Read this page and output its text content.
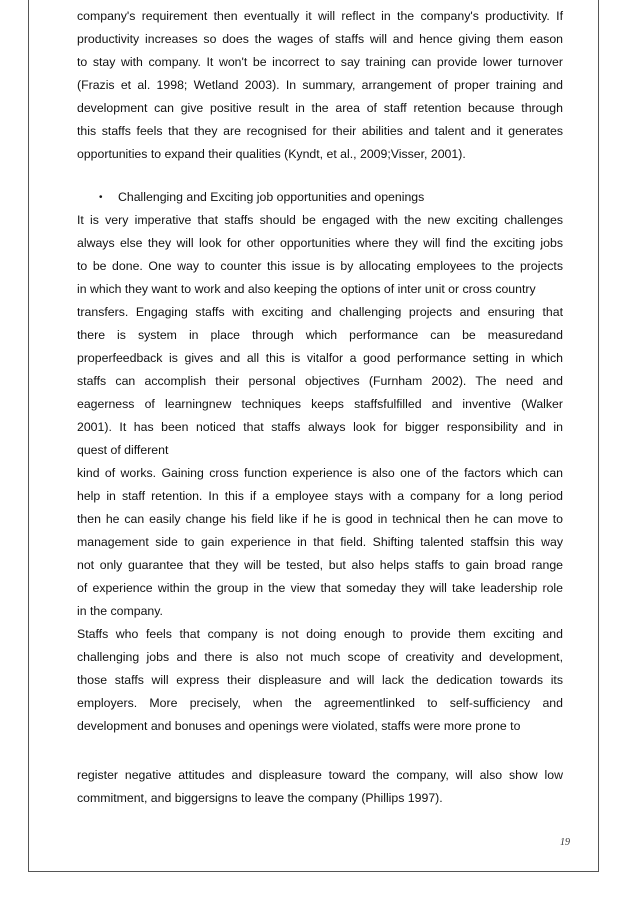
company's requirement then eventually it will reflect in the company's productivity. If
productivity increases so does the wages of staffs will and hence giving them eason
to stay with company. It won't be incorrect to say training can provide lower turnover
(Frazis et al. 1998; Wetland 2003). In summary, arrangement of proper training and
development can give positive result in the area of staff retention because through
this staffs feels that they are recognised for their abilities and talent and it generates
opportunities to expand their qualities (Kyndt, et al., 2009;Visser, 2001).
• Challenging and Exciting job opportunities and openings
It is very imperative that staffs should be engaged with the new exciting challenges
always else they will look for other opportunities where they will find the exciting jobs
to be done. One way to counter this issue is by allocating employees to the projects
in which they want to work and also keeping the options of inter unit or cross country
transfers. Engaging staffs with exciting and challenging projects and ensuring that
there is system in place through which performance can be measuredand
properfeedback is gives and all this is vitalfor a good performance setting in which
staffs can accomplish their personal objectives (Furnham 2002). The need and
eagerness of learningnew techniques keeps staffsfulfilled and inventive (Walker
2001). It has been noticed that staffs always look for bigger responsibility and in
quest of different
kind of works. Gaining cross function experience is also one of the factors which can
help in staff retention. In this if a employee stays with a company for a long period
then he can easily change his field like if he is good in technical then he can move to
management side to gain experience in that field. Shifting talented staffsin this way
not only guarantee that they will be tested, but also helps staffs to gain broad range
of experience within the group in the view that someday they will take leadership role
in the company.
Staffs who feels that company is not doing enough to provide them exciting and
challenging jobs and there is also not much scope of creativity and development,
those staffs will express their displeasure and will lack the dedication towards its
employers. More precisely, when the agreementlinked to self-sufficiency and
development and bonuses and openings were violated, staffs were more prone to
register negative attitudes and displeasure toward the company, will also show low
commitment, and biggersigns to leave the company (Phillips 1997).
19
